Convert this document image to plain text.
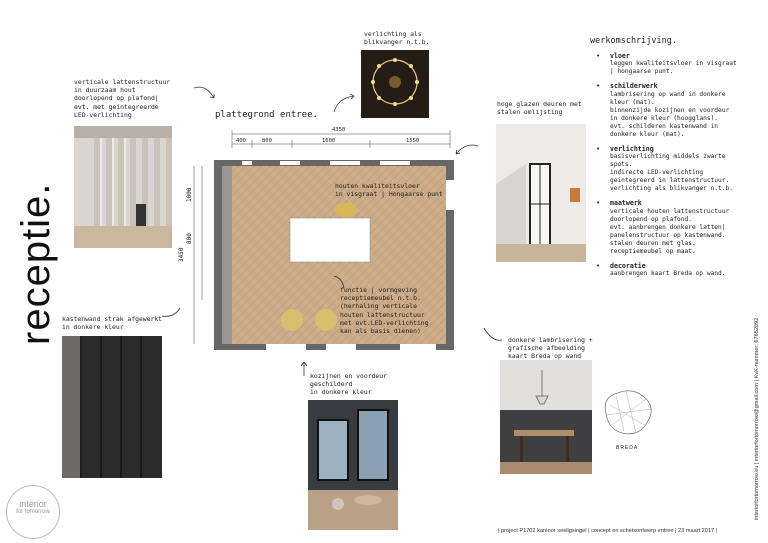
receptie.
interior
for tomorrow
verticale lattenstructuur
in duurzaam hout
doorlopend op plafond|
evt. met geintegreerde
LED-verlichting
verlichting als
blikvanger n.t.b.
plattegrond entree.
4350
400	800	1600	1550
3450
1000
800
houten kwaliteitsvloer
in visgraat | Hongaarse punt
functie | vormgeving
receptiemeubel n.t.b.
(herhaling verticale
houten lattenstructuur
met evt.LED-verlichting
kan als basis dienen)
hoge glazen deuren met
stalen omlijsting
kastenwand strak afgewerkt
in donkere kleur
kozijnen en voordeur
geschilderd
in donkere kleur
donkere lambrisering +
grafische afbeelding
kaart Breda op wand
BREDA
werkomschrijving.
• vloer
leggen kwaliteitsvloer in visgraat
| hongaarse punt.
• schilderwerk
lambrisering op wand in donkere
kleur (mat).
binnenzijde kozijnen en voordeur
in donkere kleur (hoogglans).
evt. schilderen kastenwand in
donkere kleur (mat).
• verlichting
basisverlichting middels zwarte
spots.
indirecte LED-verlichting
geintegreerd in lattenstructuur.
verlichting als blikvanger n.t.b.
• maatwerk
verticale houten lattenstructuur
doorlopend op plafond.
evt. aanbrengen donkere latten|
panelenstructuur op kastenwand.
stalen deuren met glas.
receptiemeubel op maat.
• decoratie
aanbrengen kaart Breda op wand.
interiorfortomorrow.eu | interiorfortomorrow@gmail.com | KvK-nummer: 67652092
| project P1702 kantoor seeligsingel | concept en schetsontwerp entree | 23 maart 2017 |
